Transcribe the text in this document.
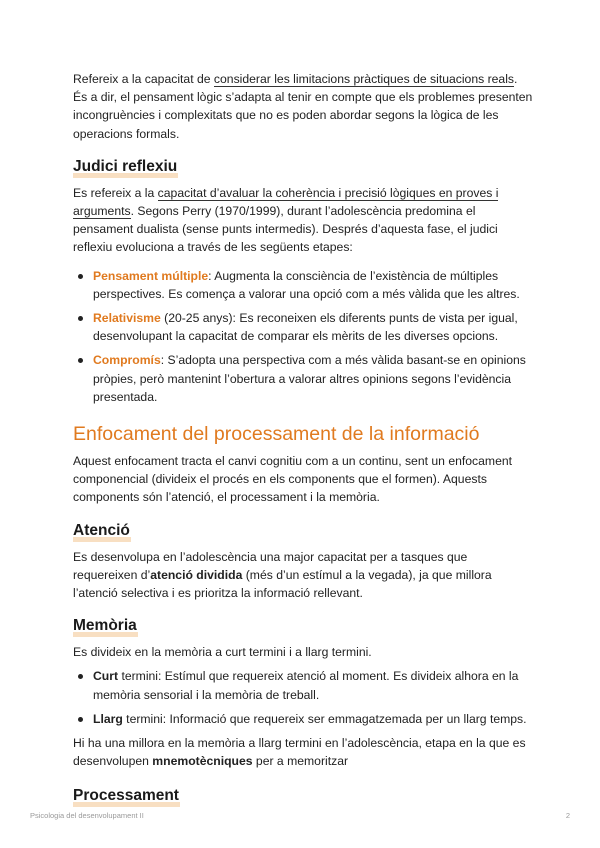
Refereix a la capacitat de considerar les limitacions pràctiques de situacions reals. És a dir, el pensament lògic s’adapta al tenir en compte que els problemes presenten incongruències i complexitats que no es poden abordar segons la lògica de les operacions formals.

Judici reflexiu

Es refereix a la capacitat d’avaluar la coherència i precisió lògiques en proves i arguments. Segons Perry (1970/1999), durant l’adolescència predomina el pensament dualista (sense punts intermedis). Després d’aquesta fase, el judici reflexiu evoluciona a través de les següents etapes:

Pensament múltiple: Augmenta la consciència de l’existència de múltiples perspectives. Es comença a valorar una opció com a més vàlida que les altres.
Relativisme (20-25 anys): Es reconeixen els diferents punts de vista per igual, desenvolupant la capacitat de comparar els mèrits de les diverses opcions.
Compromís: S’adopta una perspectiva com a més vàlida basant-se en opinions pròpies, però mantenint l’obertura a valorar altres opinions segons l’evidència presentada.
Enfocament del processament de la informació

Aquest enfocament tracta el canvi cognitiu com a un continu, sent un enfocament componencial (divideix el procés en els components que el formen). Aquests components són l’atenció, el processament i la memòria.

Atenció

Es desenvolupa en l’adolescència una major capacitat per a tasques que requereixen d’atenció dividida (més d’un estímul a la vegada), ja que millora l’atenció selectiva i es prioritza la informació rellevant.

Memòria

Es divideix en la memòria a curt termini i a llarg termini.

Curt termini: Estímul que requereix atenció al moment. Es divideix alhora en la memòria sensorial i la memòria de treball.
Llarg termini: Informació que requereix ser emmagatzemada per un llarg temps.

Hi ha una millora en la memòria a llarg termini en l’adolescència, etapa en la que es desenvolupen mnemotècniques per a memoritzar

Processament
Psicologia del desenvolupament II	2
